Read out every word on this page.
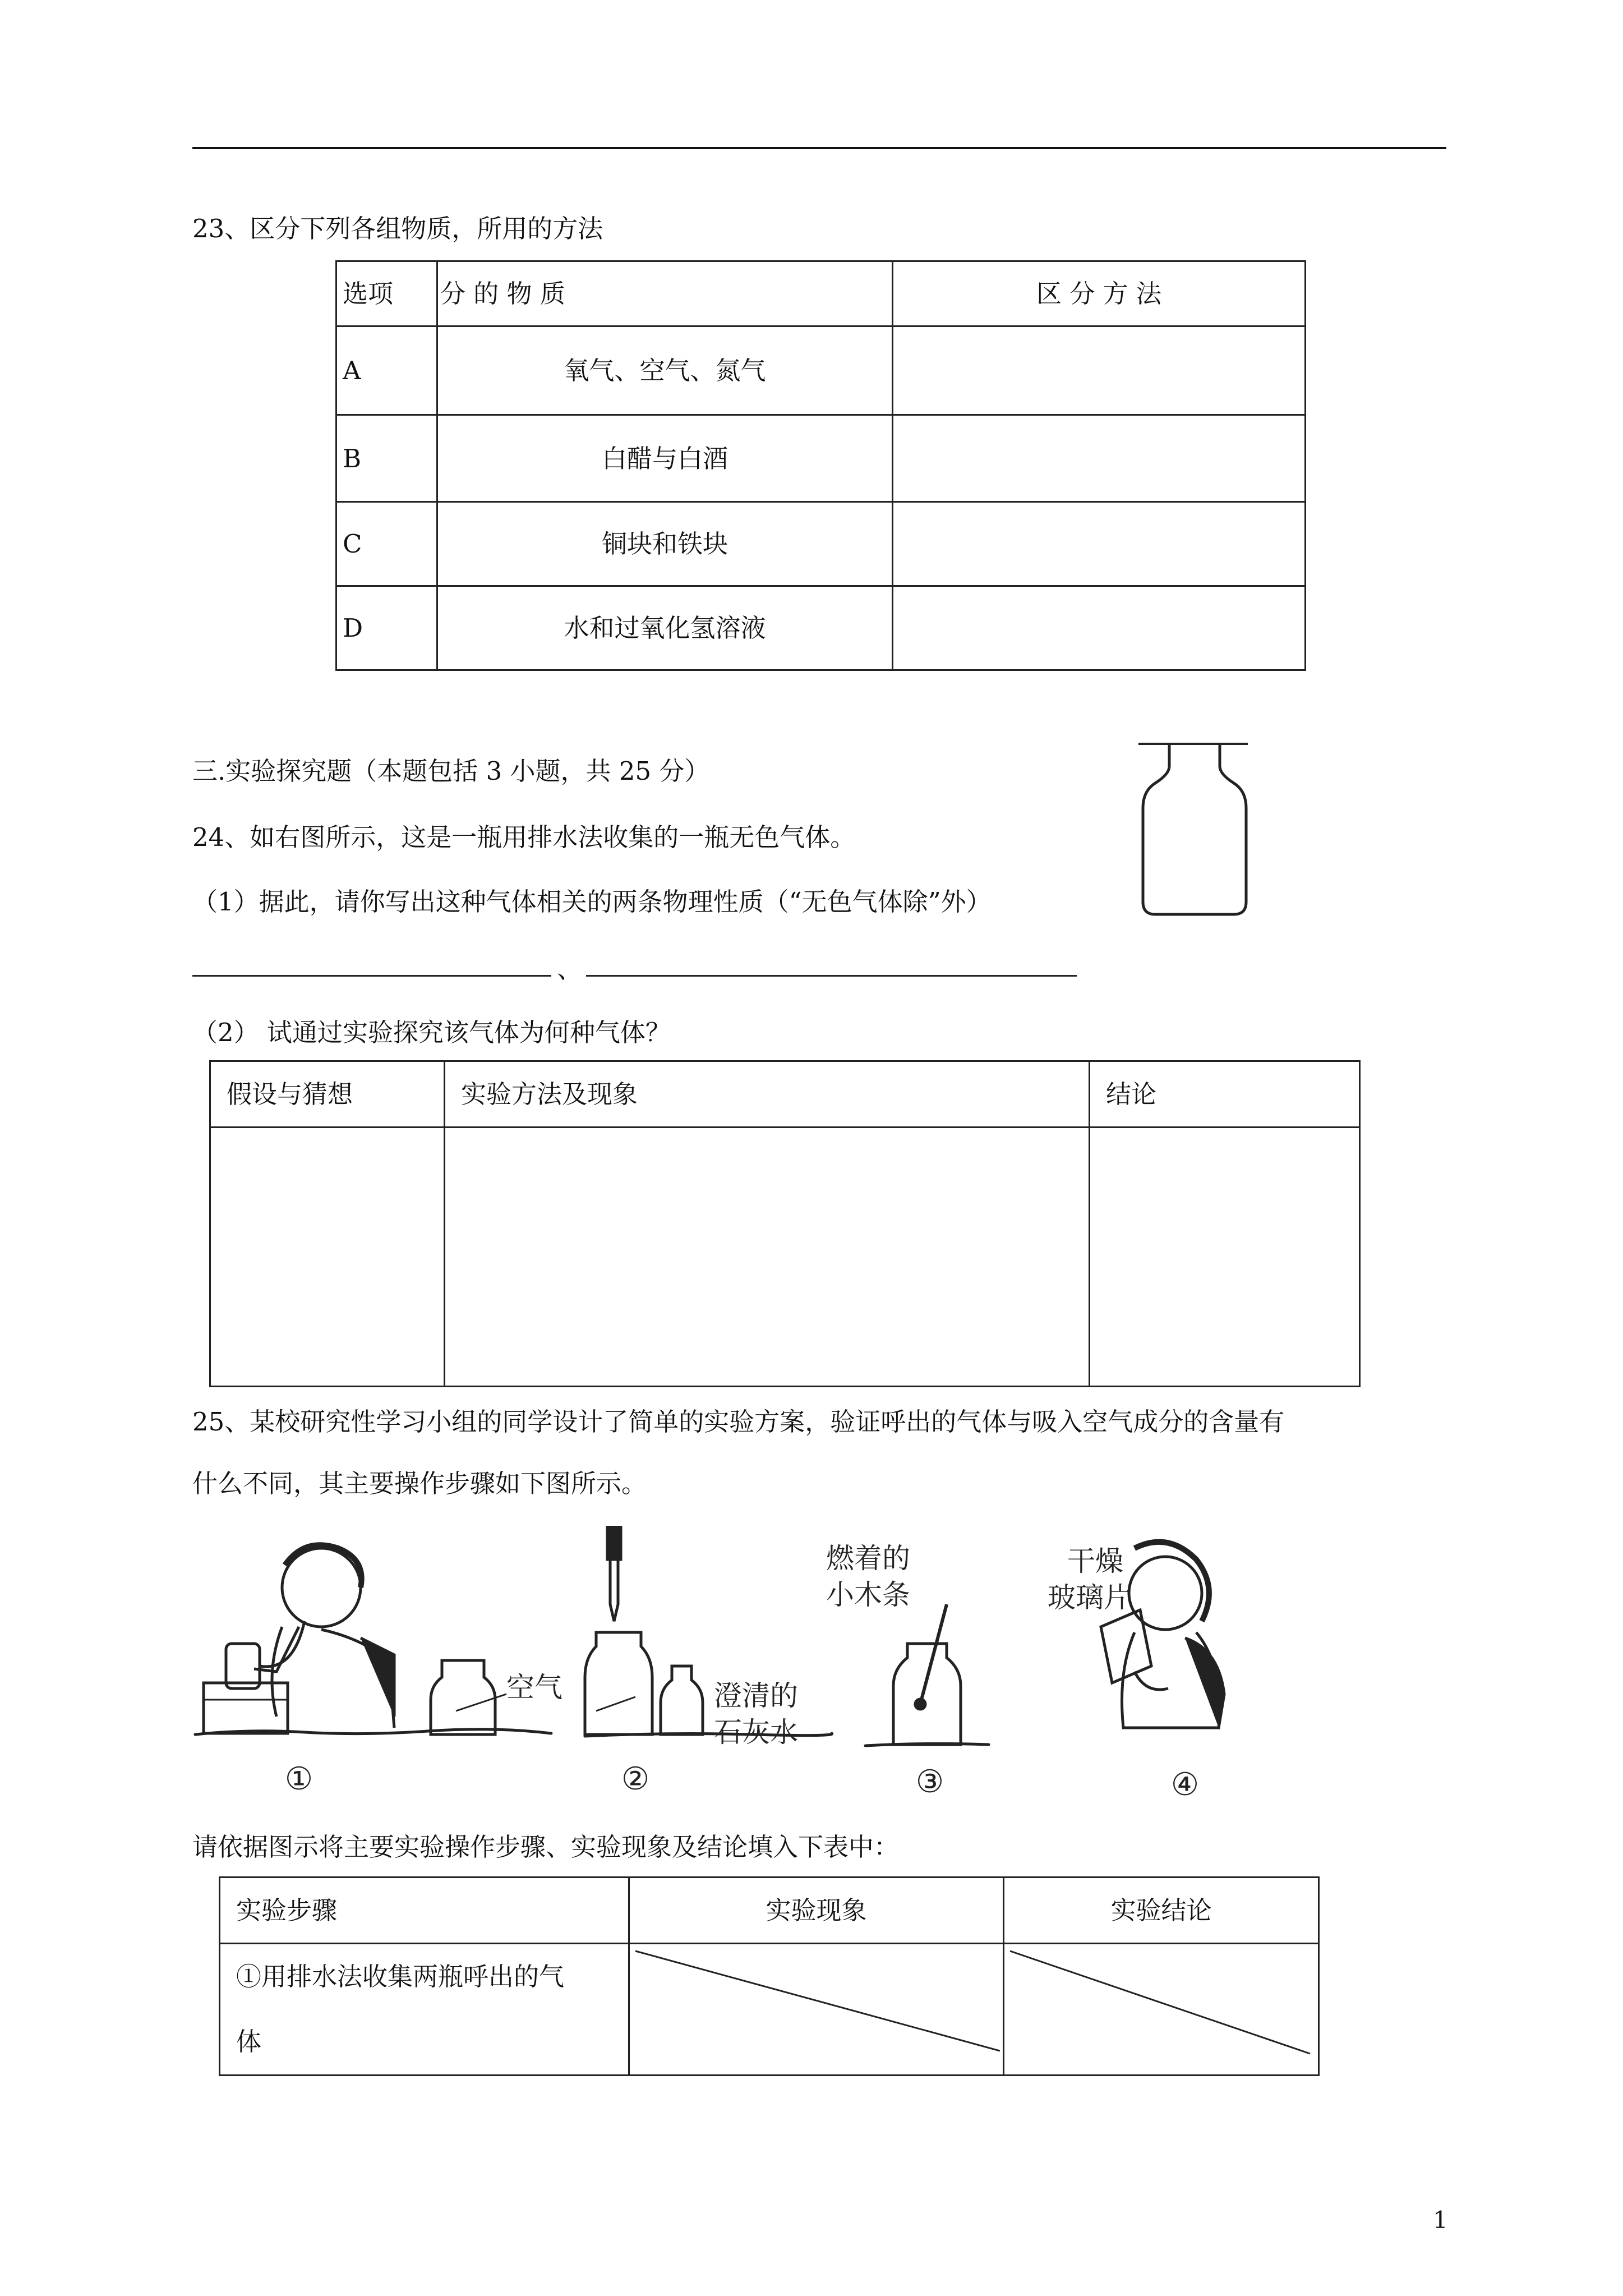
23、区分下列各组物质，所用的方法
选项	分 的 物 质	区 分 方 法
A	氧气、空气、氮气	
B	白醋与白酒	
C	铜块和铁块	
D	水和过氧化氢溶液	
三.实验探究题（本题包括 3 小题，共 25 分）
24、如右图所示，这是一瓶用排水法收集的一瓶无色气体。
（1）据此，请你写出这种气体相关的两条物理性质（“无色气体除”外）
、
（2） 试通过实验探究该气体为何种气体？
假设与猜想	实验方法及现象	结论

25、某校研究性学习小组的同学设计了简单的实验方案，验证呼出的气体与吸入空气成分的含量有
什么不同，其主要操作步骤如下图所示。
空气	澄清的
石灰水
燃着的
小木条
干燥
玻璃片
①	②	③	④
请依据图示将主要实验操作步骤、实验现象及结论填入下表中：
实验步骤	实验现象	实验结论

①用排水法收集两瓶呼出的气
体

1
